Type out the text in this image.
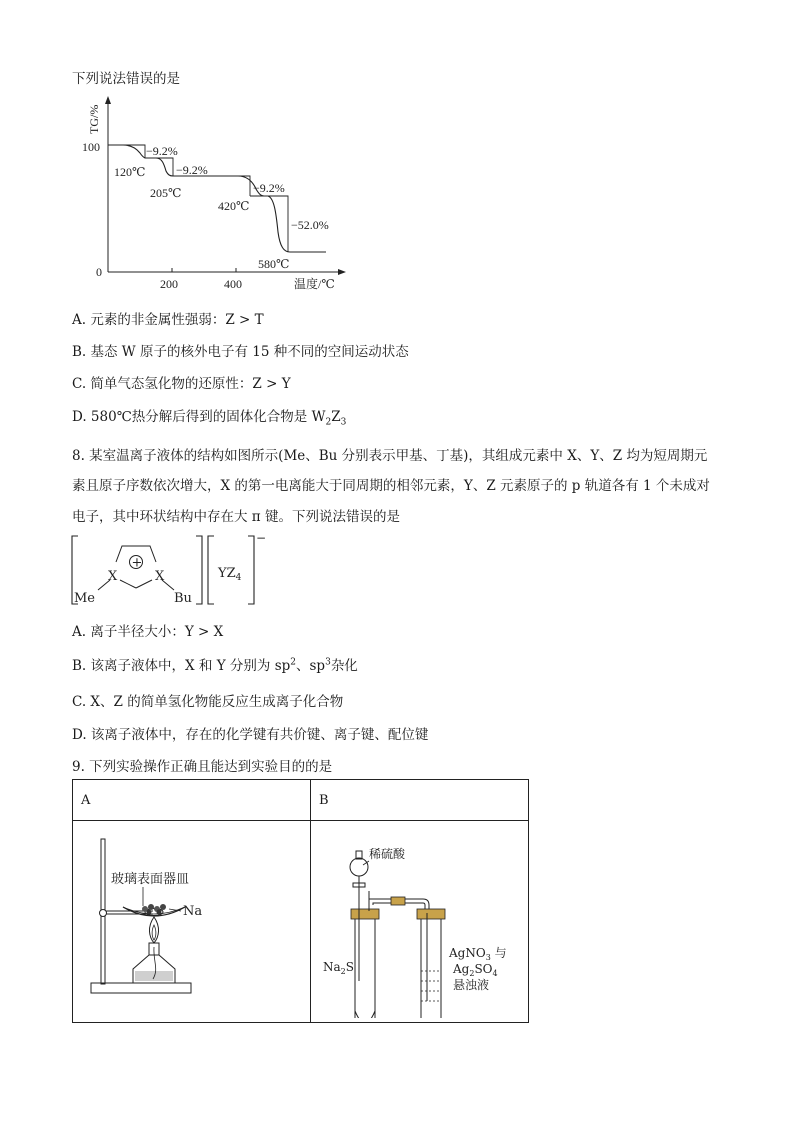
下列说法错误的是
TG/%
100
0
200	400	温度/℃
−9.2%
−9.2%
−9.2%
−52.0%
120℃
205℃
420℃
580℃
A. 元素的非金属性强弱：Z > T
B. 基态 W 原子的核外电子有 15 种不同的空间运动状态
C. 简单气态氢化物的还原性：Z > Y
D. 580℃热分解后得到的固体化合物是 $W_2Z_3$
8. 某室温离子液体的结构如图所示(Me、Bu 分别表示甲基、丁基)，其组成元素中 X、Y、Z 均为短周期元
素且原子序数依次增大，X 的第一电离能大于同周期的相邻元素，Y、Z 元素原子的 p 轨道各有 1 个未成对
电子，其中环状结构中存在大 π 键。下列说法错误的是
+
X	X
Me	Bu
$YZ_4$
−
A. 离子半径大小：Y > X
B. 该离子液体中，X 和 Y 分别为 $sp^2$、$sp^3$杂化
C. X、Z 的简单氢化物能反应生成离子化合物
D. 该离子液体中，存在的化学键有共价键、离子键、配位键
9. 下列实验操作正确且能达到实验目的的是
A	B

玻璃表面器皿
Na	稀硫酸
$Na_2S$
AgNO$_3$ 与
$Ag_2SO_4$
悬浊液
